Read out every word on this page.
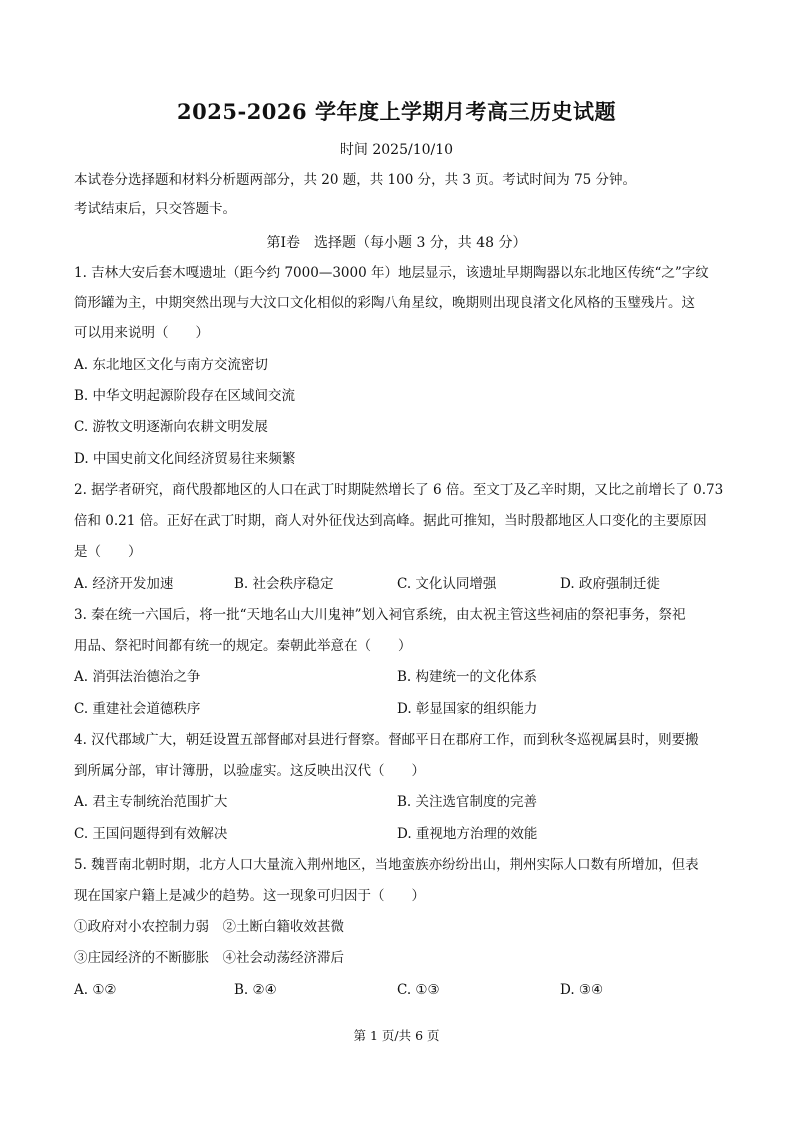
2025-2026 学年度上学期月考高三历史试题
时间 2025/10/10
本试卷分选择题和材料分析题两部分，共 20 题，共 100 分，共 3 页。考试时间为 75 分钟。
考试结束后，只交答题卡。
第Ⅰ卷　选择题（每小题 3 分，共 48 分）
1. 吉林大安后套木嘎遗址（距今约 7000—3000 年）地层显示，该遗址早期陶器以东北地区传统“之”字纹
筒形罐为主，中期突然出现与大汶口文化相似的彩陶八角星纹，晚期则出现良渚文化风格的玉璧残片。这
可以用来说明（　　）
A. 东北地区文化与南方交流密切
B. 中华文明起源阶段存在区域间交流
C. 游牧文明逐渐向农耕文明发展
D. 中国史前文化间经济贸易往来频繁
2. 据学者研究，商代殷都地区的人口在武丁时期陡然增长了 6 倍。至文丁及乙辛时期，又比之前增长了 0.73
倍和 0.21 倍。正好在武丁时期，商人对外征伐达到高峰。据此可推知，当时殷都地区人口变化的主要原因
是（　　）
A. 经济开发加速	B. 社会秩序稳定	C. 文化认同增强	D. 政府强制迁徙
3. 秦在统一六国后，将一批“天地名山大川鬼神”划入祠官系统，由太祝主管这些祠庙的祭祀事务，祭祀
用品、祭祀时间都有统一的规定。秦朝此举意在（　　）
A. 消弭法治德治之争	B. 构建统一的文化体系
C. 重建社会道德秩序	D. 彰显国家的组织能力
4. 汉代郡域广大，朝廷设置五部督邮对县进行督察。督邮平日在郡府工作，而到秋冬巡视属县时，则要搬
到所属分部，审计簿册，以验虚实。这反映出汉代（　　）
A. 君主专制统治范围扩大	B. 关注选官制度的完善
C. 王国问题得到有效解决	D. 重视地方治理的效能
5. 魏晋南北朝时期，北方人口大量流入荆州地区，当地蛮族亦纷纷出山，荆州实际人口数有所增加，但表
现在国家户籍上是减少的趋势。这一现象可归因于（　　）
①政府对小农控制力弱　②土断白籍收效甚微
③庄园经济的不断膨胀　④社会动荡经济滞后
A. ①②	B. ②④	C. ①③	D. ③④
第 1 页/共 6 页
